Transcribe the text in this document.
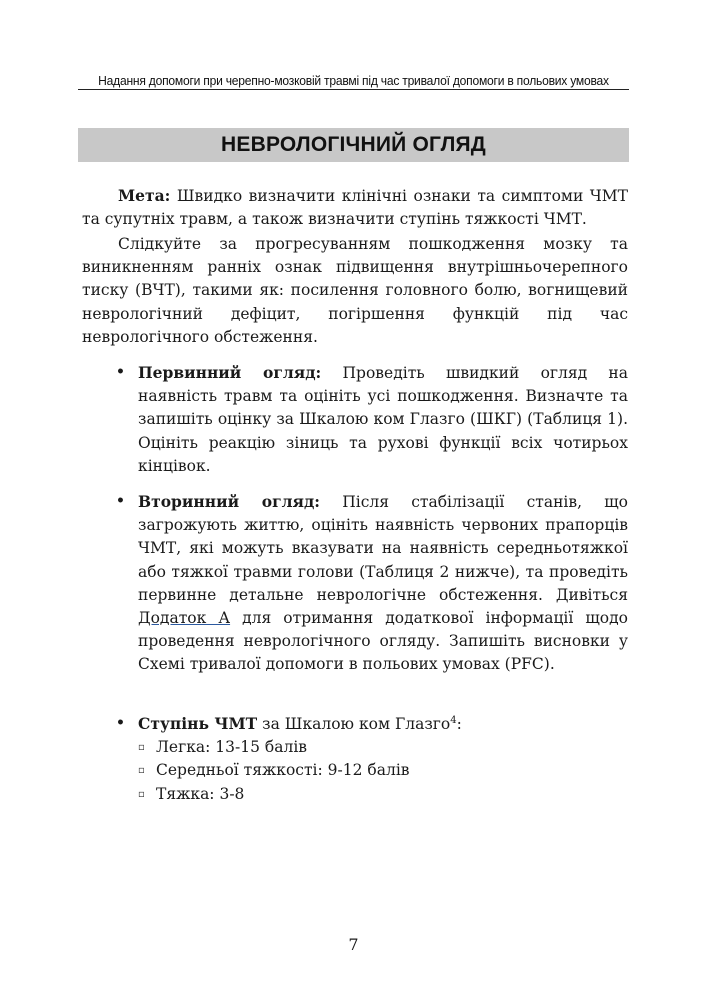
Надання допомоги при черепно-мозковій травмі під час тривалої допомоги в польових умовах
НЕВРОЛОГІЧНИЙ ОГЛЯД

Мета: Швидко визначити клінічні ознаки та симптоми ЧМТ та супутніх травм, а також визначити ступінь тяжкості ЧМТ.

Слідкуйте за прогресуванням пошкодження мозку та виникненням ранніх ознак підвищення внутрішньочерепного тиску (ВЧТ), такими як: посилення головного болю, вогнищевий неврологічний дефіцит, погіршення функцій під час неврологічного обстеження.

• Первинний огляд: Проведіть швидкий огляд на наявність травм та оцініть усі пошкодження. Визначте та запишіть оцінку за Шкалою ком Глазго (ШКГ) (Таблиця 1). Оцініть реакцію зіниць та рухові функції всіх чотирьох кінцівок.
• Вторинний огляд: Після стабілізації станів, що загрожують життю, оцініть наявність червоних прапорців ЧМТ, які можуть вказувати на наявність середньотяжкої або тяжкої травми голови (Таблиця 2 нижче), та проведіть первинне детальне неврологічне обстеження. Дивіться Додаток А для отримання додаткової інформації щодо проведення неврологічного огляду. Запишіть висновки у Схемі тривалої допомоги в польових умовах (PFC).
• Ступінь ЧМТ за Шкалою ком Глазго$^4$:
▫ Легка: 13-15 балів
▫ Середньої тяжкості: 9-12 балів
▫ Тяжка: 3-8
7
